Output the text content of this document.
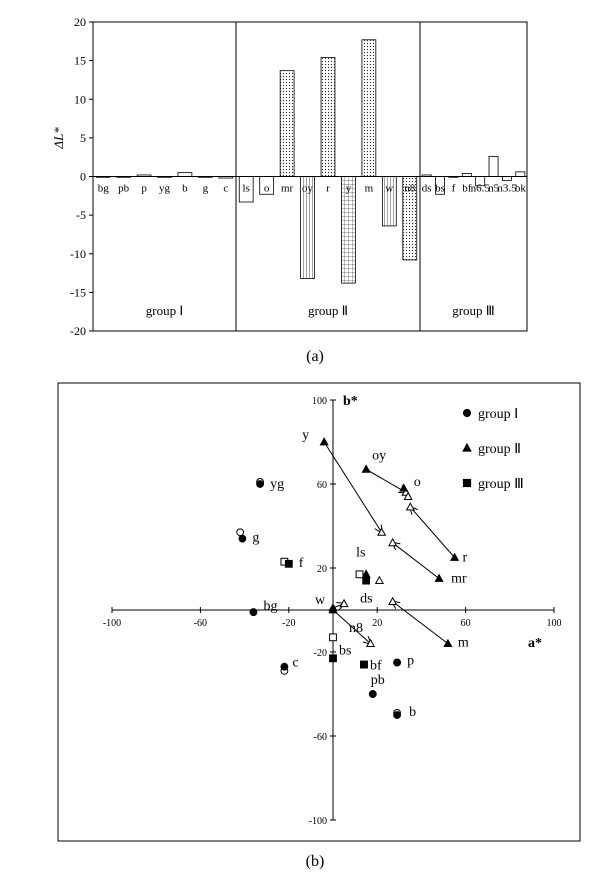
-20
-15
-10
-5
0
5
10
15
20
ΔL*
bg pb p yg b g c
group Ⅰ
ls o mr oy r y m w n8
group Ⅱ
ds bs f bf n6.5
n5
n3.5
bk
group Ⅲ
(a)
-100	-60	-20	20	60	100
-100
-60
-20
20
60
100 b*
a*
group Ⅰ
group Ⅱ
group Ⅲ
yg
g
bg
c	p
pb
b
y
oy
o
r
mr
m
ls
w
n8
f
ds
bs
bf
(b)
